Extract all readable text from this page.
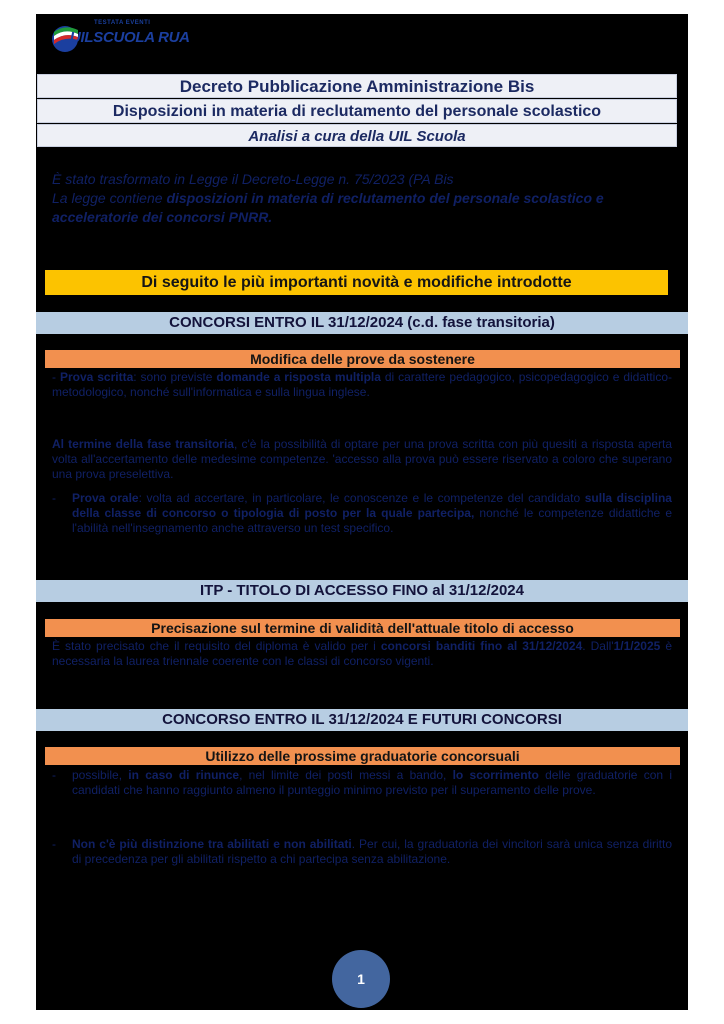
TESTATA EVENTI
UILSCUOLA RUA
Decreto Pubblicazione Amministrazione Bis
Disposizioni in materia di reclutamento del personale scolastico
Analisi a cura della UIL Scuola
È stato trasformato in Legge il Decreto-Legge n. 75/2023 (PA Bis
La legge contiene disposizioni in materia di reclutamento del personale scolastico e acceleratorie dei concorsi PNRR.
Di seguito le più importanti novità e modifiche introdotte
CONCORSI ENTRO IL 31/12/2024 (c.d. fase transitoria)
Modifica delle prove da sostenere
- Prova scritta: sono previste domande a risposta multipla di carattere pedagogico, psicopedagogico e didattico-metodologico, nonché sull'informatica e sulla lingua inglese.
Al termine della fase transitoria, c'è la possibilità di optare per una prova scritta con più quesiti a risposta aperta volta all'accertamento delle medesime competenze. 'accesso alla prova può essere riservato a coloro che superano una prova preselettiva.
-	Prova orale: volta ad accertare, in particolare, le conoscenze e le competenze del candidato sulla disciplina della classe di concorso o tipologia di posto per la quale partecipa, nonché le competenze didattiche e l'abilità nell'insegnamento anche attraverso un test specifico.
ITP - TITOLO DI ACCESSO FINO al 31/12/2024
Precisazione sul termine di validità dell'attuale titolo di accesso
È stato precisato che il requisito del diploma è valido per i concorsi banditi fino al 31/12/2024. Dall'1/1/2025 è necessaria la laurea triennale coerente con le classi di concorso vigenti.
CONCORSO ENTRO IL 31/12/2024 E FUTURI CONCORSI
Utilizzo delle prossime graduatorie concorsuali
-	possibile, in caso di rinunce, nel limite dei posti messi a bando, lo scorrimento delle graduatorie con i candidati che hanno raggiunto almeno il punteggio minimo previsto per il superamento delle prove.
-	Non c'è più distinzione tra abilitati e non abilitati. Per cui, la graduatoria dei vincitori sarà unica senza diritto di precedenza per gli abilitati rispetto a chi partecipa senza abilitazione.
1
